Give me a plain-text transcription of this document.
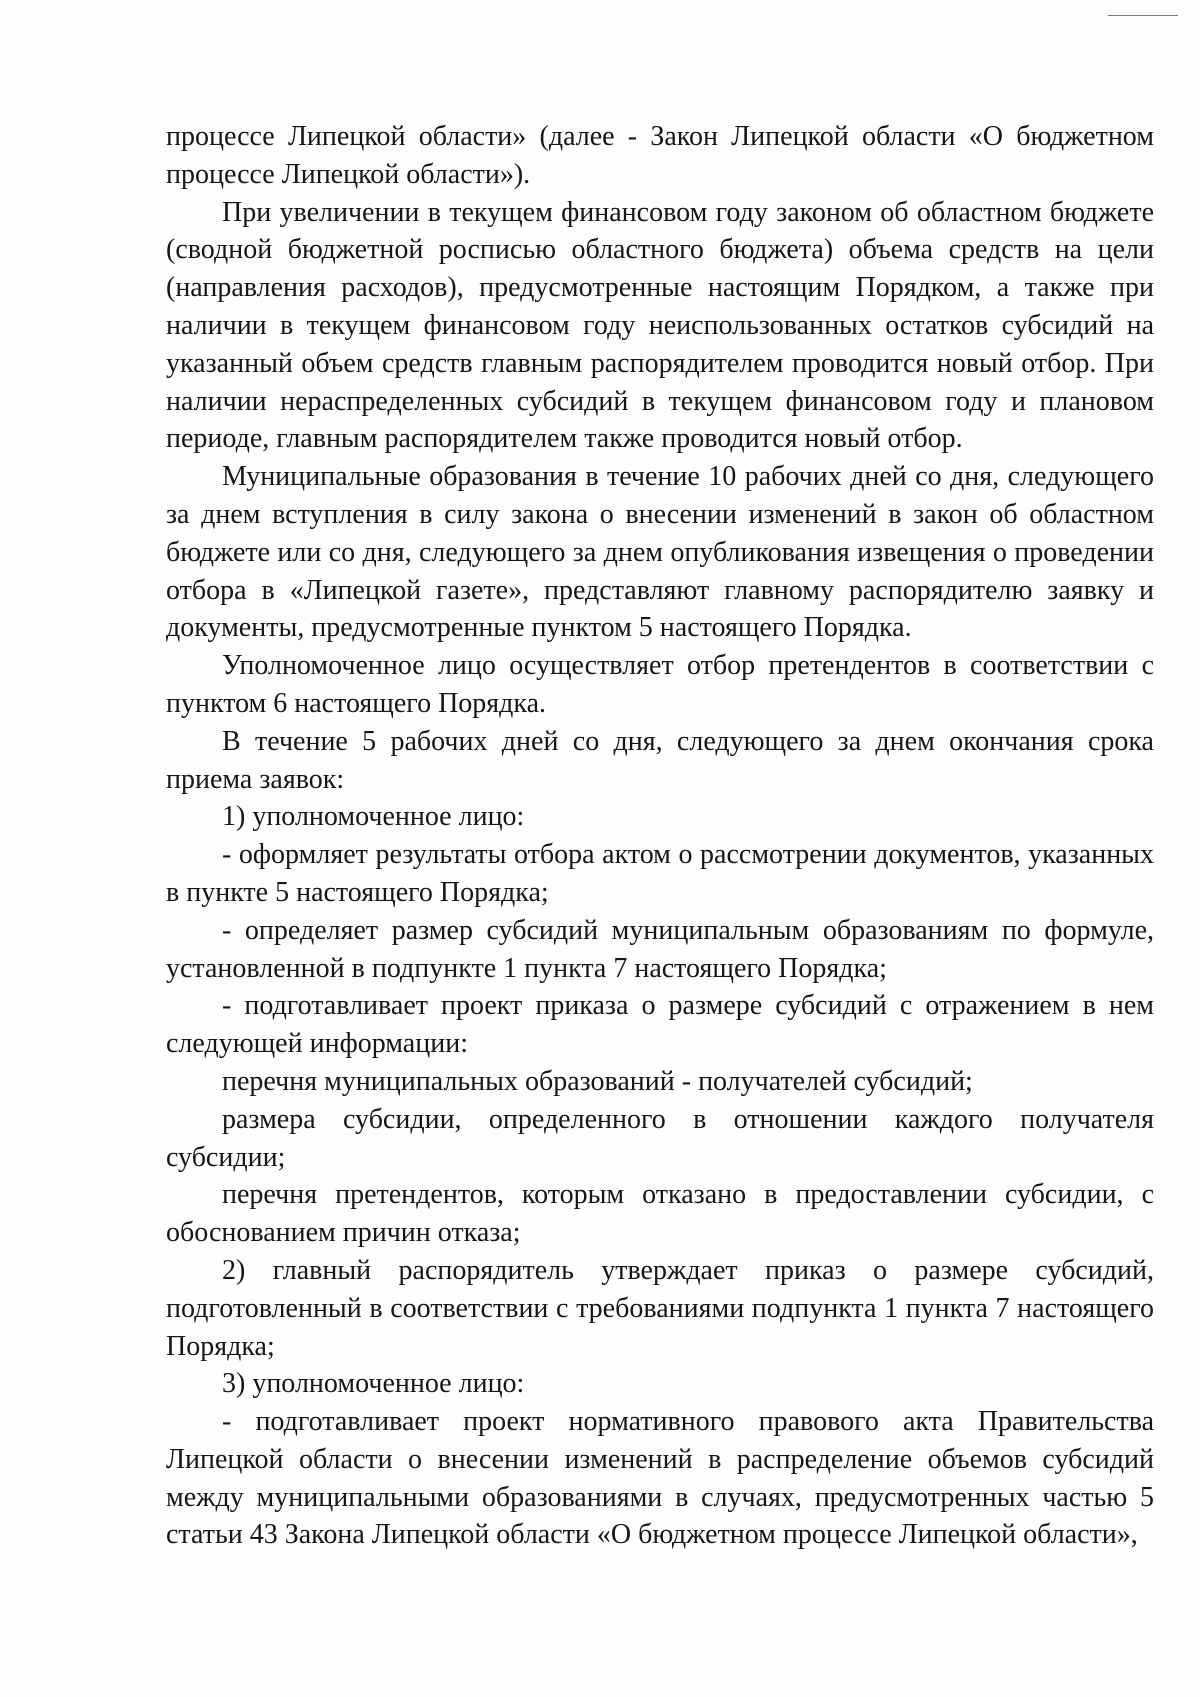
процессе Липецкой области» (далее - Закон Липецкой области «О бюджетном процессе Липецкой области»).

При увеличении в текущем финансовом году законом об областном бюджете (сводной бюджетной росписью областного бюджета) объема средств на цели (направления расходов), предусмотренные настоящим Порядком, а также при наличии в текущем финансовом году неиспользованных остатков субсидий на указанный объем средств главным распорядителем проводится новый отбор. При наличии нераспределенных субсидий в текущем финансовом году и плановом периоде, главным распорядителем также проводится новый отбор.

Муниципальные образования в течение 10 рабочих дней со дня, следующего за днем вступления в силу закона о внесении изменений в закон об областном бюджете или со дня, следующего за днем опубликования извещения о проведении отбора в «Липецкой газете», представляют главному распорядителю заявку и документы, предусмотренные пунктом 5 настоящего Порядка.

Уполномоченное лицо осуществляет отбор претендентов в соответствии с пунктом 6 настоящего Порядка.

В течение 5 рабочих дней со дня, следующего за днем окончания срока приема заявок:

1) уполномоченное лицо:

- оформляет результаты отбора актом о рассмотрении документов, указанных в пункте 5 настоящего Порядка;

- определяет размер субсидий муниципальным образованиям по формуле, установленной в подпункте 1 пункта 7 настоящего Порядка;

- подготавливает проект приказа о размере субсидий с отражением в нем следующей информации:

перечня муниципальных образований - получателей субсидий;

размера субсидии, определенного в отношении каждого получателя субсидии;

перечня претендентов, которым отказано в предоставлении субсидии, с обоснованием причин отказа;

2) главный распорядитель утверждает приказ о размере субсидий, подготовленный в соответствии с требованиями подпункта 1 пункта 7 настоящего Порядка;

3) уполномоченное лицо:

- подготавливает проект нормативного правового акта Правительства Липецкой области о внесении изменений в распределение объемов субсидий между муниципальными образованиями в случаях, предусмотренных частью 5 статьи 43 Закона Липецкой области «О бюджетном процессе Липецкой области»,
